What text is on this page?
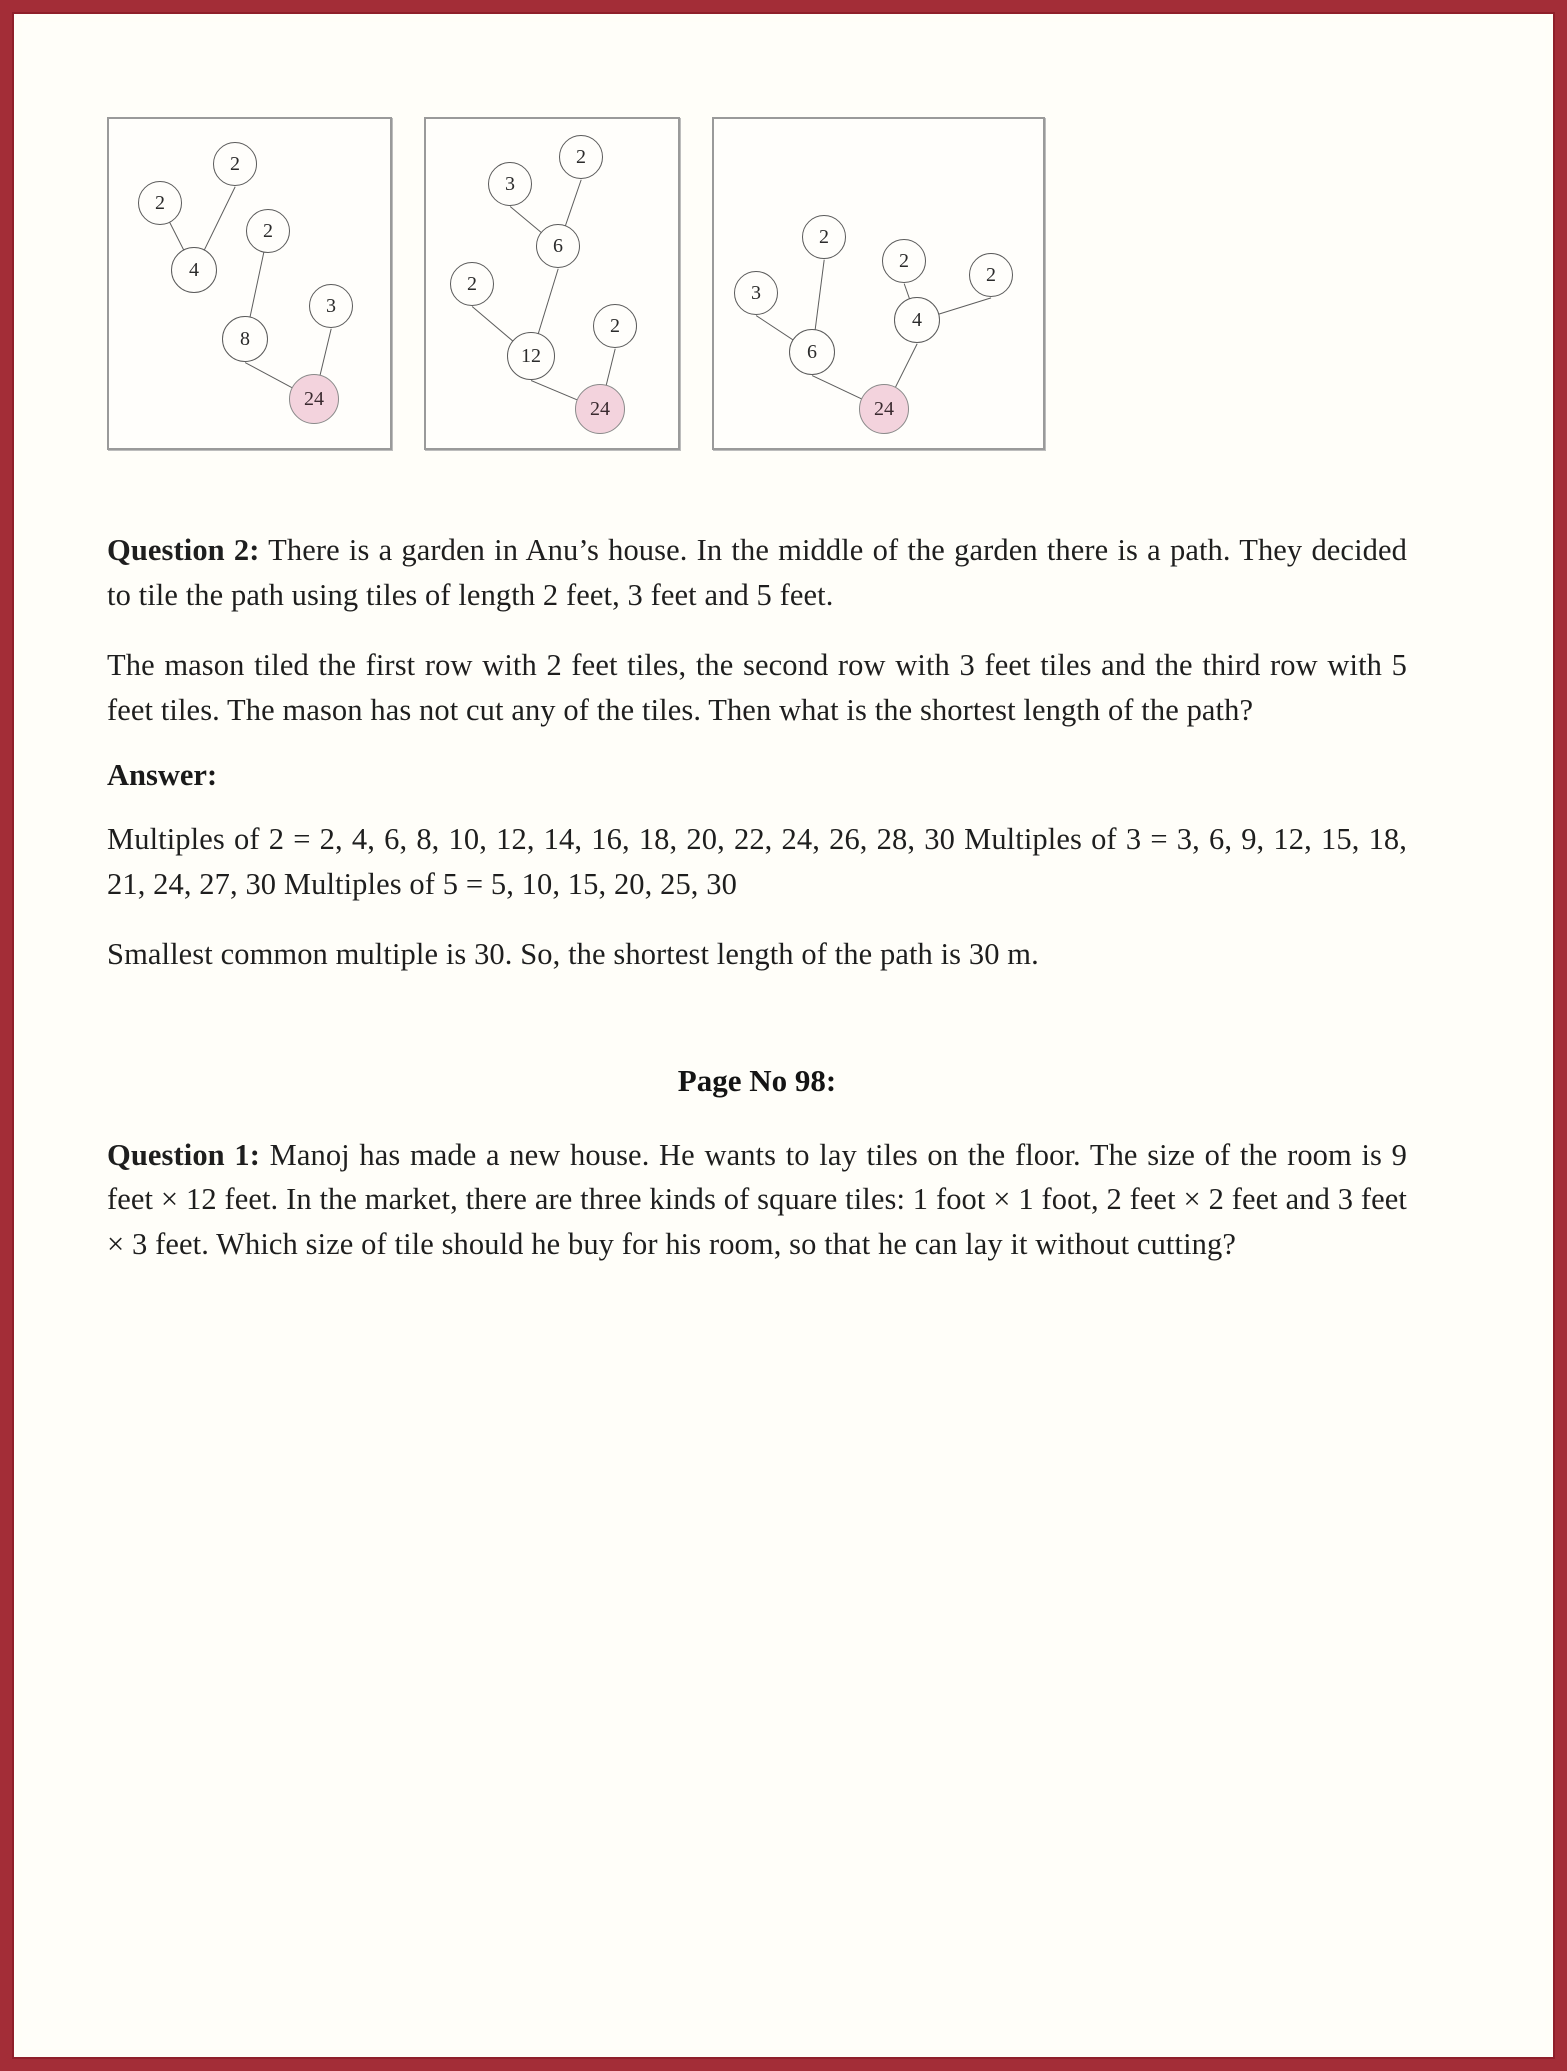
2
2
2
4
3
8
24
2
3
6
2
2
12
24
2
2
2
3
4
6
24

Question 2: There is a garden in Anu’s house. In the middle of the garden there is a path. They decided to tile the path using tiles of length 2 feet, 3 feet and 5 feet.

The mason tiled the first row with 2 feet tiles, the second row with 3 feet tiles and the third row with 5 feet tiles. The mason has not cut any of the tiles. Then what is the shortest length of the path?

Answer:

Multiples of 2 = 2, 4, 6, 8, 10, 12, 14, 16, 18, 20, 22, 24, 26, 28, 30 Multiples of 3 = 3, 6, 9, 12, 15, 18, 21, 24, 27, 30 Multiples of 5 = 5, 10, 15, 20, 25, 30

Smallest common multiple is 30. So, the shortest length of the path is 30 m.

Page No 98:

Question 1: Manoj has made a new house. He wants to lay tiles on the floor. The size of the room is 9 feet × 12 feet. In the market, there are three kinds of square tiles: 1 foot × 1 foot, 2 feet × 2 feet and 3 feet × 3 feet. Which size of tile should he buy for his room, so that he can lay it without cutting?
